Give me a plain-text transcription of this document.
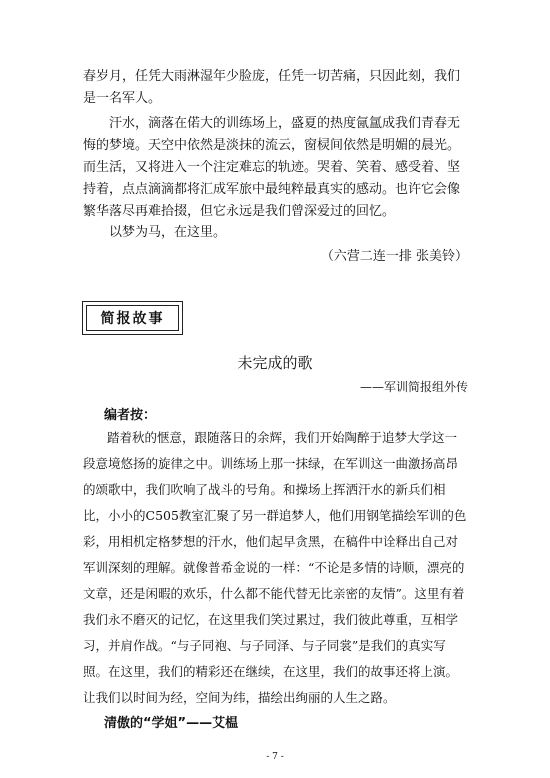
春岁月，任凭大雨淋湿年少脸庞，任凭一切苦痛，只因此刻，我们是一名军人。

汗水，滴落在偌大的训练场上，盛夏的热度氤氲成我们青春无悔的梦境。天空中依然是淡抹的流云，窗棂间依然是明媚的晨光。而生活，又将进入一个注定难忘的轨迹。哭着、笑着、感受着、坚持着，点点滴滴都将汇成军旅中最纯粹最真实的感动。也许它会像繁华落尽再难拾掇，但它永远是我们曾深爱过的回忆。

以梦为马，在这里。

（六营二连一排 张美铃）
简报故事
未完成的歌
——军训简报组外传
编者按：

踏着秋的惬意，跟随落日的余辉，我们开始陶醉于追梦大学这一段意境悠扬的旋律之中。训练场上那一抹绿，在军训这一曲激扬高昂的颂歌中，我们吹响了战斗的号角。和操场上挥洒汗水的新兵们相比，小小的C505教室汇聚了另一群追梦人，他们用钢笔描绘军训的色彩，用相机定格梦想的汗水，他们起早贪黑，在稿件中诠释出自己对军训深刻的理解。就像普希金说的一样：“不论是多情的诗顺，漂亮的文章，还是闲暇的欢乐，什么都不能代替无比亲密的友情”。这里有着我们永不磨灭的记忆，在这里我们笑过累过，我们彼此尊重，互相学习，并肩作战。“与子同袍、与子同泽、与子同裳”是我们的真实写照。在这里，我们的精彩还在继续，在这里，我们的故事还将上演。让我们以时间为经，空间为纬，描绘出绚丽的人生之路。

清傲的“学姐”——艾榅
- 7 -
